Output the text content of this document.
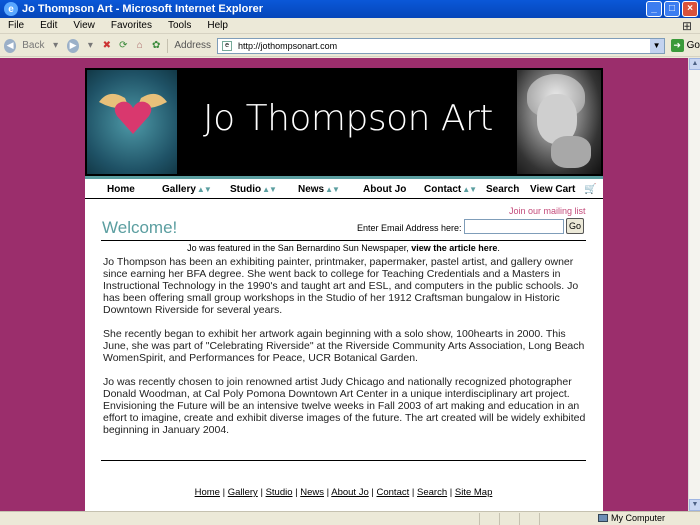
e Jo Thompson Art - Microsoft Internet Explorer	_	□	×
File	Edit	View	Favorites	Tools	Help	⊞
◀ Back ▾	▶ ▾ ✖ ⟳ ⌂ ✿ Address	e	http://jothompsonart.com	▼	➜ Go
Jo Thompson Art
Home	Gallery ▲▼ Studio ▲▼ News ▲▼ About Jo Contact ▲▼ Search View Cart 🛒
Join our mailing list
Welcome!	Enter Email Address here:	Go
Jo was featured in the San Bernardino Sun Newspaper, view the article here.

Jo Thompson has been an exhibiting painter, printmaker, papermaker, pastel artist, and gallery owner since earning her BFA degree. She went back to college for Teaching Credentials and a Masters in Instructional Technology in the 1990's and taught art and ESL, and computers in the public schools. Jo has been offering small group workshops in the Studio of her 1912 Craftsman bungalow in Historic Downtown Riverside for several years.

She recently began to exhibit her artwork again beginning with a solo show, 100hearts in 2000. This June, she was part of "Celebrating Riverside" at the Riverside Community Arts Association, Long Beach WomenSpirit, and Performances for Peace, UCR Botanical Garden.

Jo was recently chosen to join renowned artist Judy Chicago and nationally recognized photographer Donald Woodman, at Cal Poly Pomona Downtown Art Center in a unique interdisciplinary art project. Envisioning the Future will be an intensive twelve weeks in Fall 2003 of art making and education in an effort to imagine, create and exhibit diverse images of the future. The art created will be widely exhibited beginning in January 2004.

Home | Gallery | Studio | News | About Jo | Contact | Search | Site Map
▲
▼
My Computer
